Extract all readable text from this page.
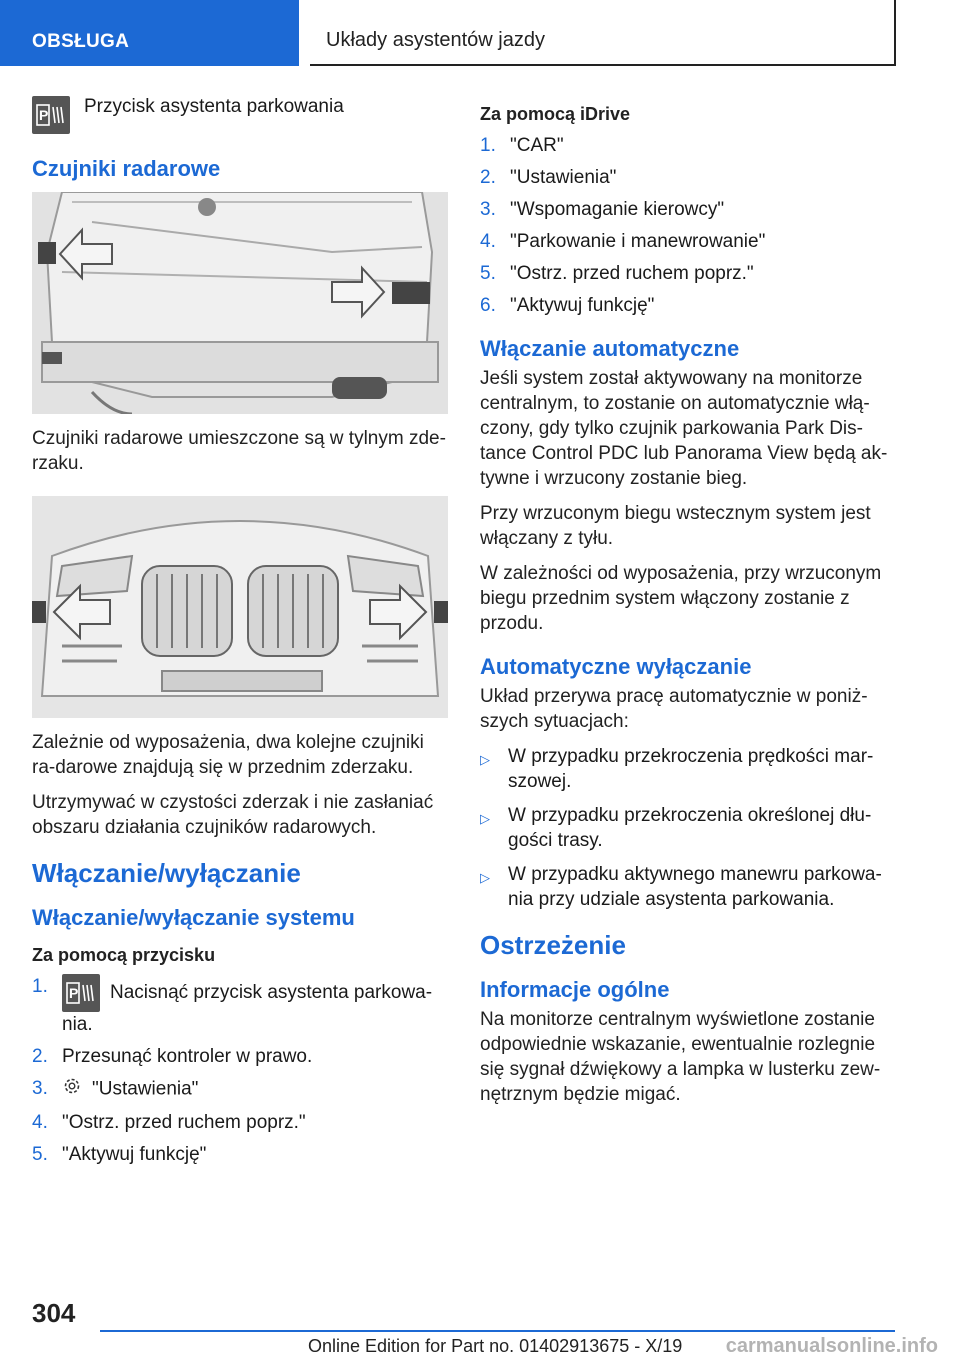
OBSŁUGA	Układy asystentów jazdy
P Przycisk asystenta parkowania
Czujniki radarowe

Czujniki radarowe umieszczone są w tylnym zde-rzaku.

Zależnie od wyposażenia, dwa kolejne czujniki ra-darowe znajdują się w przednim zderzaku.

Utrzymywać w czystości zderzak i nie zasłaniać obszaru działania czujników radarowych.

Włączanie/wyłączanie
Włączanie/wyłączanie systemu
Za pomocą przycisku
1.	P Nacisnąć przycisk asystenta parkowa-nia.
2. Przesunąć kontroler w prawo.
3.	"Ustawienia"
4. "Ostrz. przed ruchem poprz."
5. "Aktywuj funkcję"
Za pomocą iDrive
1. "CAR"
2. "Ustawienia"
3. "Wspomaganie kierowcy"
4. "Parkowanie i manewrowanie"
5. "Ostrz. przed ruchem poprz."
6. "Aktywuj funkcję"
Włączanie automatyczne

Jeśli system został aktywowany na monitorze centralnym, to zostanie on automatycznie włą-czony, gdy tylko czujnik parkowania Park Dis-tance Control PDC lub Panorama View będą ak-tywne i wrzucony zostanie bieg.

Przy wrzuconym biegu wstecznym system jest włączany z tyłu.

W zależności od wyposażenia, przy wrzuconym biegu przednim system włączony zostanie z przodu.

Automatyczne wyłączanie

Układ przerywa pracę automatycznie w poniż-szych sytuacjach:

▷ W przypadku przekroczenia prędkości mar-szowej.
▷ W przypadku przekroczenia określonej dłu-gości trasy.
▷ W przypadku aktywnego manewru parkowa-nia przy udziale asystenta parkowania.
Ostrzeżenie
Informacje ogólne

Na monitorze centralnym wyświetlone zostanie odpowiednie wskazanie, ewentualnie rozlegnie się sygnał dźwiękowy a lampka w lusterku zew-nętrznym będzie migać.

304
Online Edition for Part no. 01402913675 - X/19 carmanualsonline.info
